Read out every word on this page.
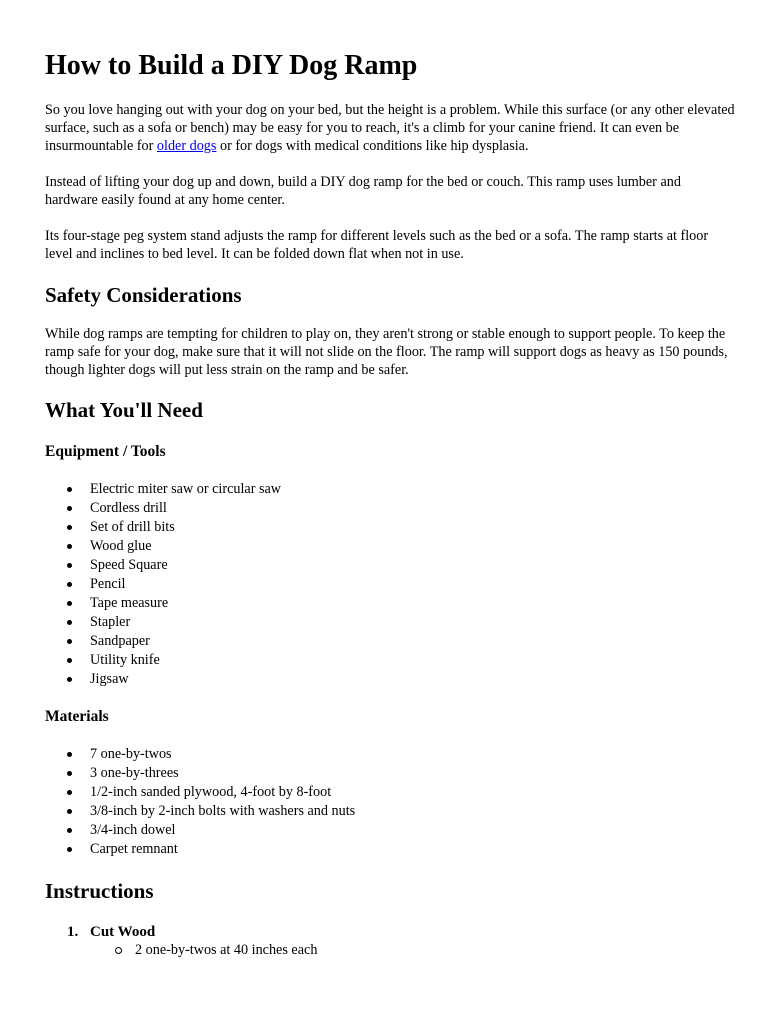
How to Build a DIY Dog Ramp

So you love hanging out with your dog on your bed, but the height is a problem. While this surface (or any other elevated surface, such as a sofa or bench) may be easy for you to reach, it's a climb for your canine friend. It can even be insurmountable for older dogs or for dogs with medical conditions like hip dysplasia.

Instead of lifting your dog up and down, build a DIY dog ramp for the bed or couch. This ramp uses lumber and hardware easily found at any home center.

Its four-stage peg system stand adjusts the ramp for different levels such as the bed or a sofa. The ramp starts at floor level and inclines to bed level. It can be folded down flat when not in use.

Safety Considerations

While dog ramps are tempting for children to play on, they aren't strong or stable enough to support people. To keep the ramp safe for your dog, make sure that it will not slide on the floor. The ramp will support dogs as heavy as 150 pounds, though lighter dogs will put less strain on the ramp and be safer.

What You'll Need
Equipment / Tools
Electric miter saw or circular saw
Cordless drill
Set of drill bits
Wood glue
Speed Square
Pencil
Tape measure
Stapler
Sandpaper
Utility knife
Jigsaw
Materials
7 one-by-twos
3 one-by-threes
1/2-inch sanded plywood, 4-foot by 8-foot
3/8-inch by 2-inch bolts with washers and nuts
3/4-inch dowel
Carpet remnant
Instructions
1. Cut Wood
2 one-by-twos at 40 inches each
